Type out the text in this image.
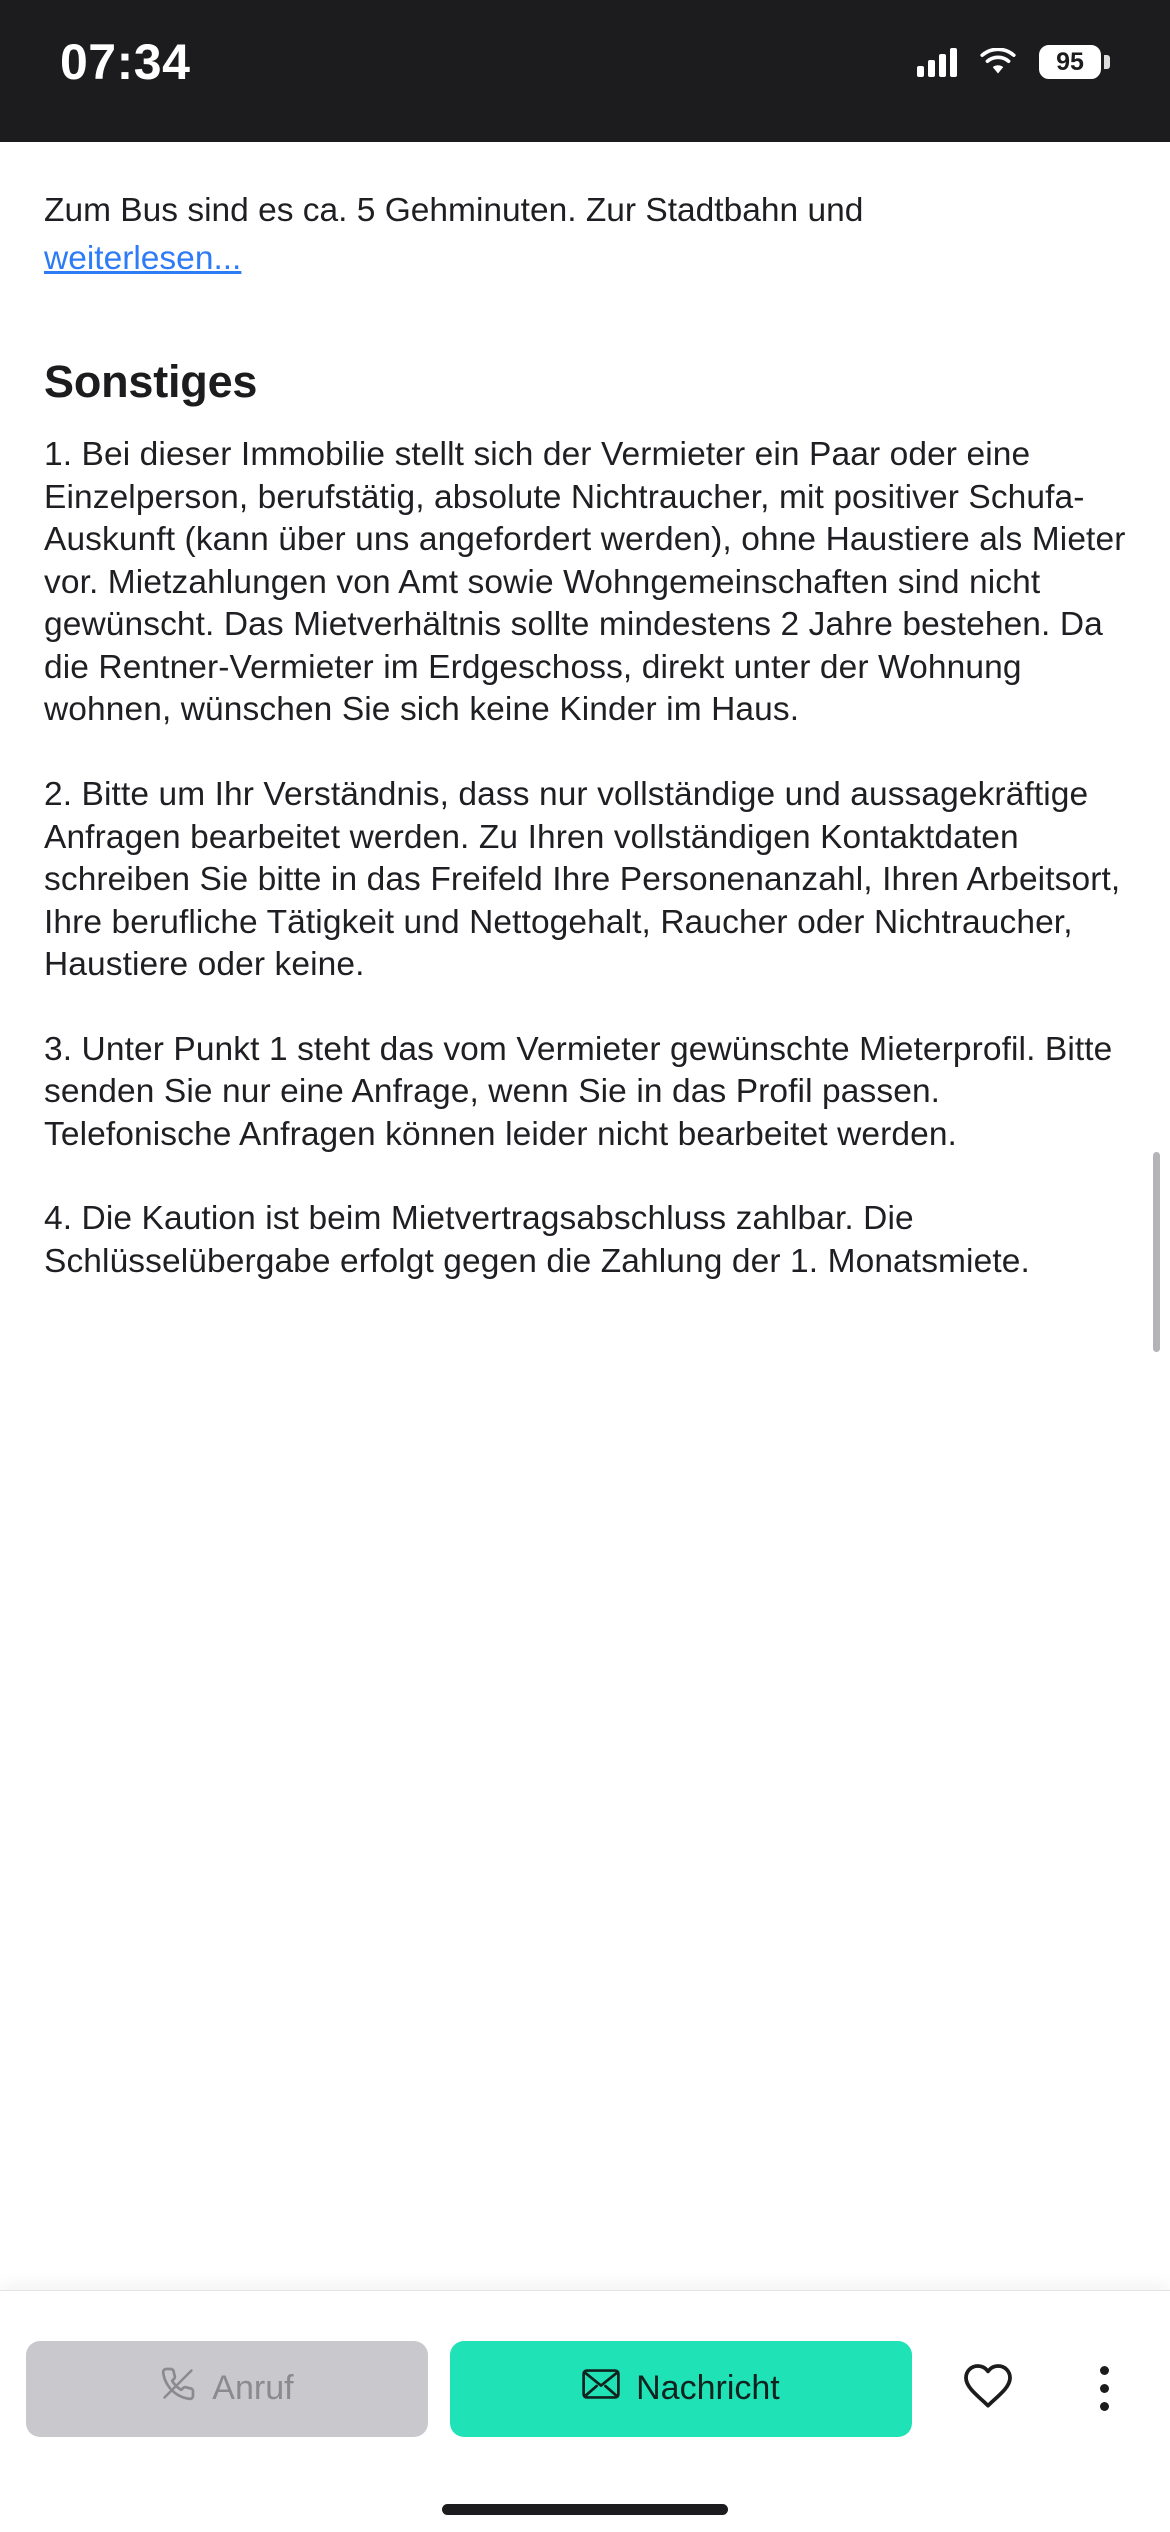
07:34	95
Zum Bus sind es ca. 5 Gehminuten. Zur Stadtbahn und
weiterlesen...
Sonstiges

1. Bei dieser Immobilie stellt sich der Vermieter ein Paar oder eine Einzelperson, berufstätig, absolute Nichtraucher, mit positiver Schufa-Auskunft (kann über uns angefordert werden), ohne Haustiere als Mieter vor. Mietzahlungen von Amt sowie Wohngemeinschaften sind nicht gewünscht. Das Mietverhältnis sollte mindestens 2 Jahre bestehen. Da die Rentner-Vermieter im Erdgeschoss, direkt unter der Wohnung wohnen, wünschen Sie sich keine Kinder im Haus.

2. Bitte um Ihr Verständnis, dass nur vollständige und aussagekräftige Anfragen bearbeitet werden. Zu Ihren vollständigen Kontaktdaten schreiben Sie bitte in das Freifeld Ihre Personenanzahl, Ihren Arbeitsort, Ihre berufliche Tätigkeit und Nettogehalt, Raucher oder Nichtraucher, Haustiere oder keine.

3. Unter Punkt 1 steht das vom Vermieter gewünschte Mieterprofil. Bitte senden Sie nur eine Anfrage, wenn Sie in das Profil passen. Telefonische Anfragen können leider nicht bearbeitet werden.

4. Die Kaution ist beim Mietvertragsabschluss zahlbar. Die Schlüsselübergabe erfolgt gegen die Zahlung der 1. Monatsmiete.

Anruf	Nachricht
